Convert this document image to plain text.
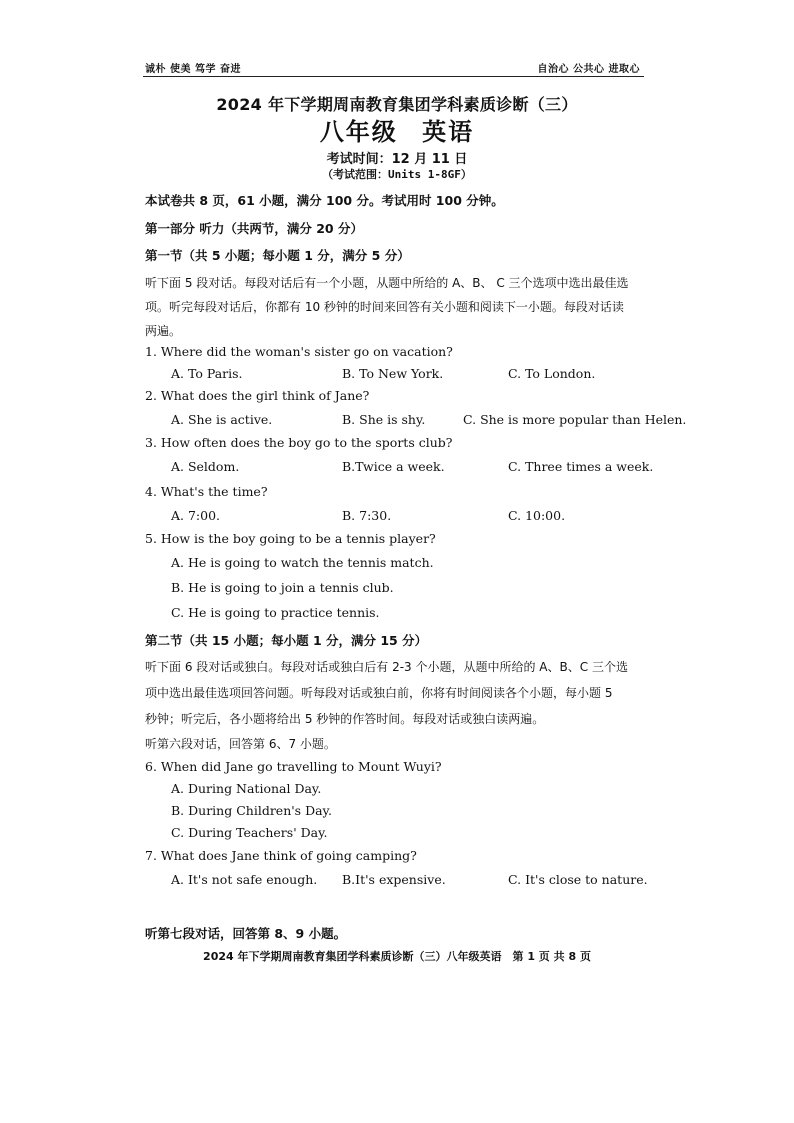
诚朴 使美 笃学 奋进	自治心 公共心 进取心
2024 年下学期周南教育集团学科素质诊断（三）
八年级 英语
考试时间：12 月 11 日
（考试范围：Units 1-8GF）
本试卷共 8 页，61 小题，满分 100 分。考试用时 100 分钟。
第一部分 听力（共两节，满分 20 分）
第一节（共 5 小题；每小题 1 分，满分 5 分）
听下面 5 段对话。每段对话后有一个小题，从题中所给的 A、B、 C 三个选项中选出最佳选
项。听完每段对话后，你都有 10 秒钟的时间来回答有关小题和阅读下一小题。每段对话读
两遍。
1. Where did the woman's sister go on vacation?
A. To Paris.	B. To New York.	C. To London.
2. What does the girl think of Jane?
A. She is active.	B. She is shy.	C. She is more popular than Helen.
3. How often does the boy go to the sports club?
A. Seldom.	B.Twice a week.	C. Three times a week.
4. What's the time?
A. 7:00.	B. 7:30.	C. 10:00.
5. How is the boy going to be a tennis player?
A. He is going to watch the tennis match.
B. He is going to join a tennis club.
C. He is going to practice tennis.
第二节（共 15 小题；每小题 1 分，满分 15 分）
听下面 6 段对话或独白。每段对话或独白后有 2-3 个小题，从题中所给的 A、B、C 三个选
项中选出最佳选项回答问题。听每段对话或独白前，你将有时间阅读各个小题，每小题 5
秒钟；听完后，各小题将给出 5 秒钟的作答时间。每段对话或独白读两遍。
听第六段对话，回答第 6、7 小题。
6. When did Jane go travelling to Mount Wuyi?
A. During National Day.
B. During Children's Day.
C. During Teachers' Day.
7. What does Jane think of going camping?
A. It's not safe enough. B.It's expensive.	C. It's close to nature.
听第七段对话，回答第 8、9 小题。
2024 年下学期周南教育集团学科素质诊断（三）八年级英语　第 1 页 共 8 页
